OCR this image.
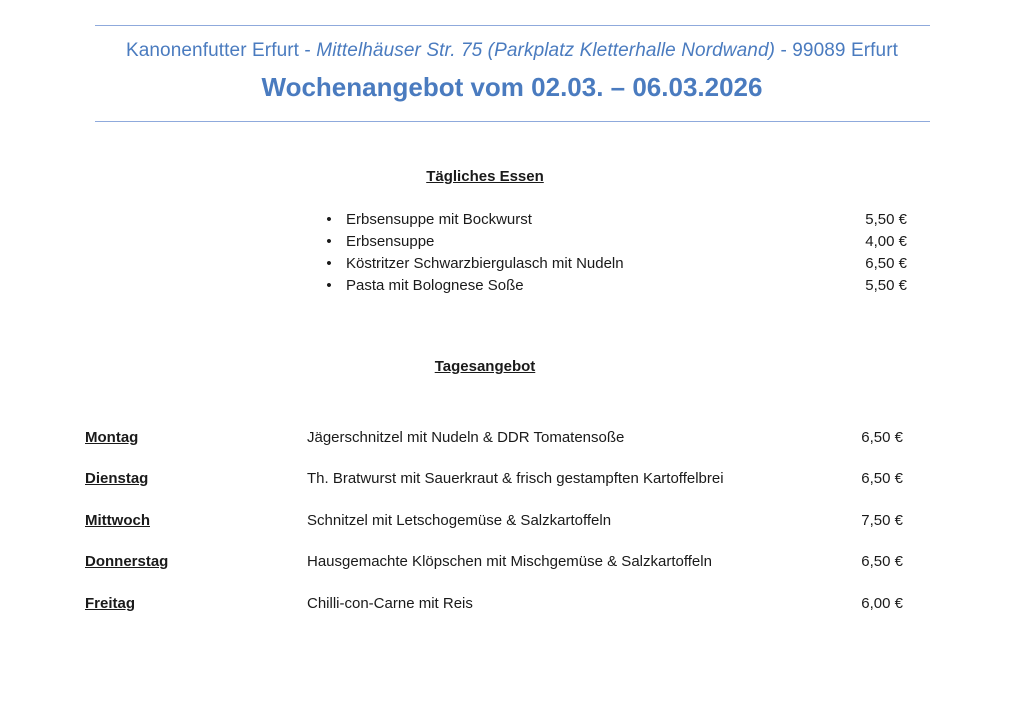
Kanonenfutter Erfurt - Mittelhäuser Str. 75 (Parkplatz Kletterhalle Nordwand) - 99089 Erfurt
Wochenangebot vom 02.03. – 06.03.2026
Tägliches Essen
• Erbsensuppe mit Bockwurst	5,50 €
• Erbsensuppe	4,00 €
• Köstritzer Schwarzbiergulasch mit Nudeln	6,50 €
• Pasta mit Bolognese Soße	5,50 €
Tagesangebot
Montag	Jägerschnitzel mit Nudeln & DDR Tomatensoße	6,50 €
Dienstag	Th. Bratwurst mit Sauerkraut & frisch gestampften Kartoffelbrei	6,50 €
Mittwoch	Schnitzel mit Letschogemüse & Salzkartoffeln	7,50 €
Donnerstag	Hausgemachte Klöpschen mit Mischgemüse & Salzkartoffeln	6,50 €
Freitag	Chilli-con-Carne mit Reis	6,00 €
